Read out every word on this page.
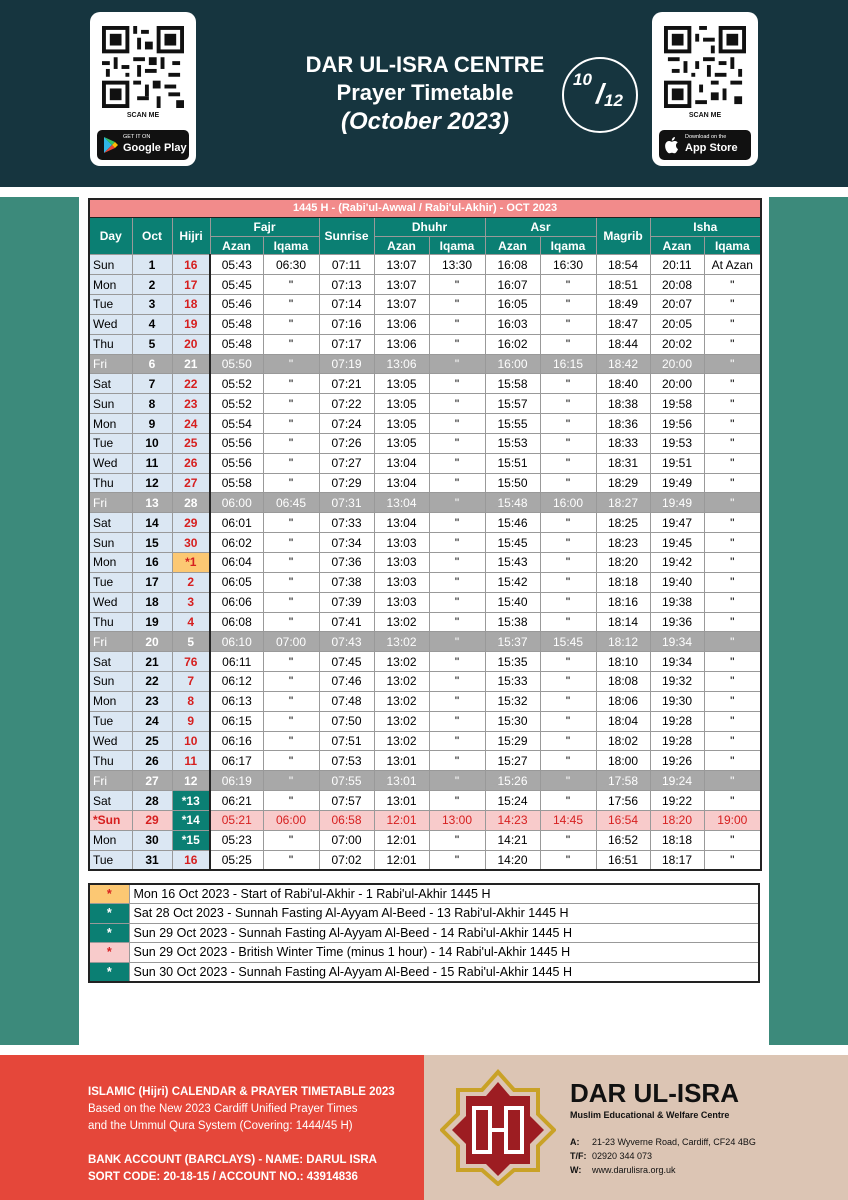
SCAN ME
GET IT ON
Google Play
DAR UL-ISRA CENTRE
Prayer Timetable
(October 2023)
10 / 12
SCAN ME
Download on the
App Store
1445 H - (Rabi'ul-Awwal / Rabi'ul-Akhir) - OCT 2023												
Day	Oct	Hijri	Fajr		Sunrise	Dhuhr		Asr		Magrib	Isha	
			Azan	Iqama		Azan	Iqama	Azan	Iqama		Azan	Iqama
Sun	1	16	05:43	06:30	07:11	13:07	13:30	16:08	16:30	18:54	20:11	At Azan
Mon	2	17	05:45	"	07:13	13:07	"	16:07	"	18:51	20:08	"
Tue	3	18	05:46	"	07:14	13:07	"	16:05	"	18:49	20:07	"
Wed	4	19	05:48	"	07:16	13:06	"	16:03	"	18:47	20:05	"
Thu	5	20	05:48	"	07:17	13:06	"	16:02	"	18:44	20:02	"
Fri	6	21	05:50	"	07:19	13:06	"	16:00	16:15	18:42	20:00	"
Sat	7	22	05:52	"	07:21	13:05	"	15:58	"	18:40	20:00	"
Sun	8	23	05:52	"	07:22	13:05	"	15:57	"	18:38	19:58	"
Mon	9	24	05:54	"	07:24	13:05	"	15:55	"	18:36	19:56	"
Tue	10	25	05:56	"	07:26	13:05	"	15:53	"	18:33	19:53	"
Wed	11	26	05:56	"	07:27	13:04	"	15:51	"	18:31	19:51	"
Thu	12	27	05:58	"	07:29	13:04	"	15:50	"	18:29	19:49	"
Fri	13	28	06:00	06:45	07:31	13:04	"	15:48	16:00	18:27	19:49	"
Sat	14	29	06:01	"	07:33	13:04	"	15:46	"	18:25	19:47	"
Sun	15	30	06:02	"	07:34	13:03	"	15:45	"	18:23	19:45	"
Mon	16	*1	06:04	"	07:36	13:03	"	15:43	"	18:20	19:42	"
Tue	17	2	06:05	"	07:38	13:03	"	15:42	"	18:18	19:40	"
Wed	18	3	06:06	"	07:39	13:03	"	15:40	"	18:16	19:38	"
Thu	19	4	06:08	"	07:41	13:02	"	15:38	"	18:14	19:36	"
Fri	20	5	06:10	07:00	07:43	13:02	"	15:37	15:45	18:12	19:34	"
Sat	21	76	06:11	"	07:45	13:02	"	15:35	"	18:10	19:34	"
Sun	22	7	06:12	"	07:46	13:02	"	15:33	"	18:08	19:32	"
Mon	23	8	06:13	"	07:48	13:02	"	15:32	"	18:06	19:30	"
Tue	24	9	06:15	"	07:50	13:02	"	15:30	"	18:04	19:28	"
Wed	25	10	06:16	"	07:51	13:02	"	15:29	"	18:02	19:28	"
Thu	26	11	06:17	"	07:53	13:01	"	15:27	"	18:00	19:26	"
Fri	27	12	06:19	"	07:55	13:01	"	15:26	"	17:58	19:24	"
Sat	28	*13	06:21	"	07:57	13:01	"	15:24	"	17:56	19:22	"
*Sun	29	*14	05:21	06:00	06:58	12:01	13:00	14:23	14:45	16:54	18:20	19:00
Mon	30	*15	05:23	"	07:00	12:01	"	14:21	"	16:52	18:18	"
Tue	31	16	05:25	"	07:02	12:01	"	14:20	"	16:51	18:17	"
*	Mon 16 Oct 2023 - Start of Rabi'ul-Akhir - 1 Rabi'ul-Akhir 1445 H
*	Sat 28 Oct 2023 - Sunnah Fasting Al-Ayyam Al-Beed - 13 Rabi'ul-Akhir 1445 H
*	Sun 29 Oct 2023 - Sunnah Fasting Al-Ayyam Al-Beed - 14 Rabi'ul-Akhir 1445 H
*	Sun 29 Oct 2023 - British Winter Time (minus 1 hour) - 14 Rabi'ul-Akhir 1445 H
*	Sun 30 Oct 2023 - Sunnah Fasting Al-Ayyam Al-Beed - 15 Rabi'ul-Akhir 1445 H
ISLAMIC (Hijri) CALENDAR & PRAYER TIMETABLE 2023
Based on the New 2023 Cardiff Unified Prayer Times
and the Ummul Qura System (Covering: 1444/45 H)
BANK ACCOUNT (BARCLAYS) - NAME: DARUL ISRA
SORT CODE: 20-18-15 / ACCOUNT NO.: 43914836
DAR UL-ISRA
Muslim Educational & Welfare Centre
A: 21-23 Wyverne Road, Cardiff, CF24 4BG
T/F: 02920 344 073
W: www.darulisra.org.uk
